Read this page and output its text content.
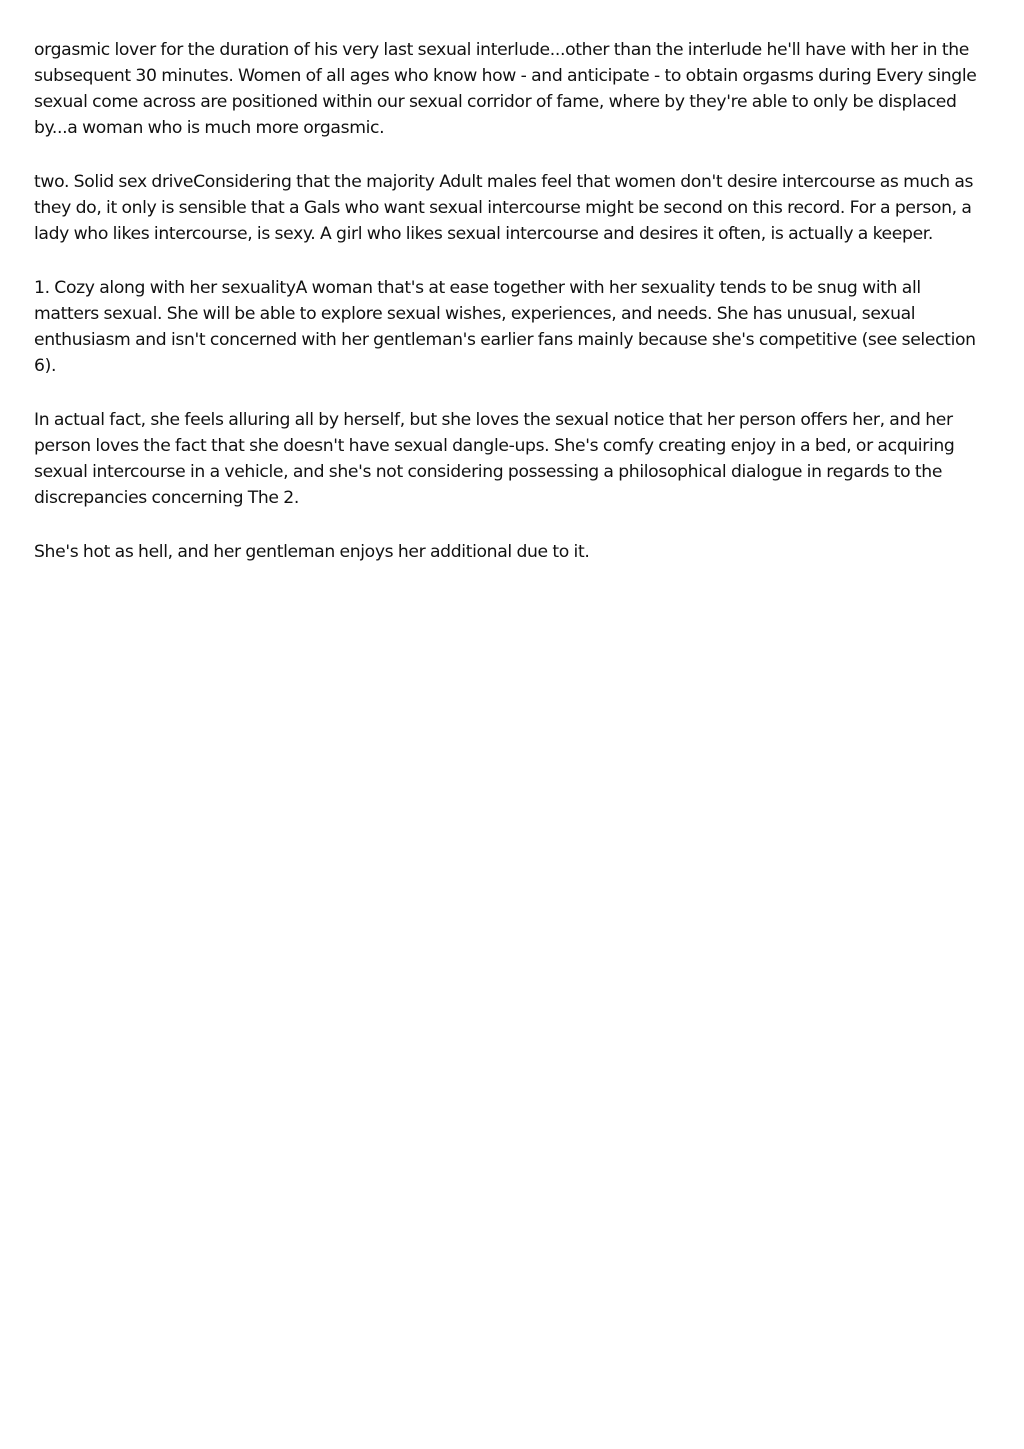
orgasmic lover for the duration of his very last sexual interlude...other than the interlude he'll have with her in the subsequent 30 minutes. Women of all ages who know how - and anticipate - to obtain orgasms during Every single sexual come across are positioned within our sexual corridor of fame, where by they're able to only be displaced by...a woman who is much more orgasmic.

two. Solid sex driveConsidering that the majority Adult males feel that women don't desire intercourse as much as they do, it only is sensible that a Gals who want sexual intercourse might be second on this record. For a person, a lady who likes intercourse, is sexy. A girl who likes sexual intercourse and desires it often, is actually a keeper.

1. Cozy along with her sexualityA woman that's at ease together with her sexuality tends to be snug with all matters sexual. She will be able to explore sexual wishes, experiences, and needs. She has unusual, sexual enthusiasm and isn't concerned with her gentleman's earlier fans mainly because she's competitive (see selection 6).

In actual fact, she feels alluring all by herself, but she loves the sexual notice that her person offers her, and her person loves the fact that she doesn't have sexual dangle-ups. She's comfy creating enjoy in a bed, or acquiring sexual intercourse in a vehicle, and she's not considering possessing a philosophical dialogue in regards to the discrepancies concerning The 2.

She's hot as hell, and her gentleman enjoys her additional due to it.
